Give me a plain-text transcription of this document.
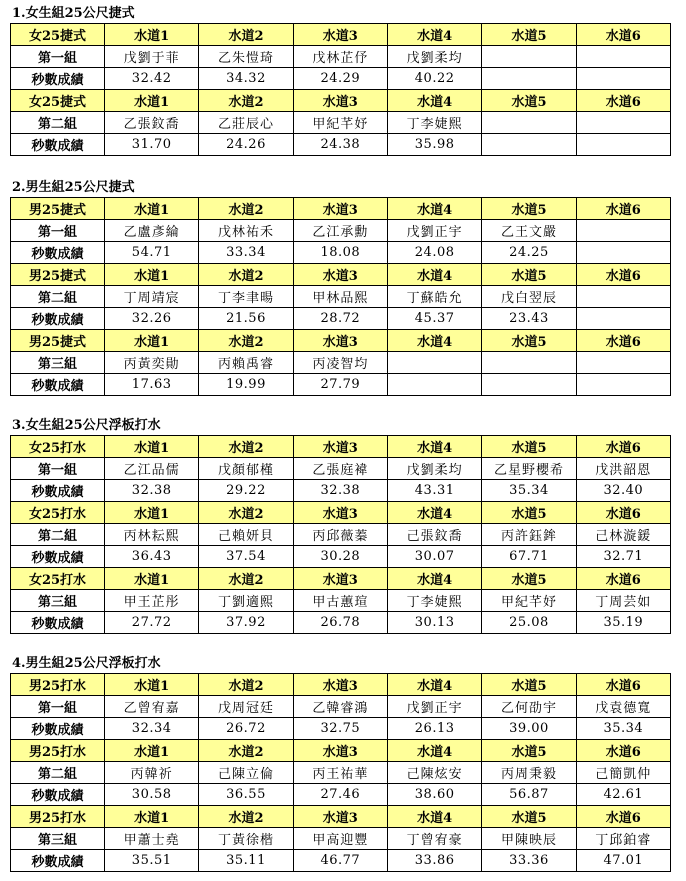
1.女生組25公尺捷式
女25捷式	水道1	水道2	水道3	水道4	水道5	水道6
第一組	戊劉于菲	乙朱愷琦	戊林芷伃	戊劉柔均		
秒數成績	32.42	34.32	24.29	40.22		
女25捷式	水道1	水道2	水道3	水道4	水道5	水道6
第二組	乙張鈫喬	乙莊辰心	甲紀芊妤	丁李婕熙		
秒數成績	31.70	24.26	24.38	35.98		
2.男生組25公尺捷式
男25捷式	水道1	水道2	水道3	水道4	水道5	水道6
第一組	乙盧彥綸	戊林祐禾	乙江承勳	戊劉正宇	乙王文嚴	
秒數成績	54.71	33.34	18.08	24.08	24.25	
男25捷式	水道1	水道2	水道3	水道4	水道5	水道6
第二組	丁周靖宸	丁李聿暘	甲林品熙	丁蘇皓允	戊白翌辰	
秒數成績	32.26	21.56	28.72	45.37	23.43	
男25捷式	水道1	水道2	水道3	水道4	水道5	水道6
第三組	丙黃奕勛	丙賴禹睿	丙凌智均			
秒數成績	17.63	19.99	27.79			
3.女生組25公尺浮板打水
女25打水	水道1	水道2	水道3	水道4	水道5	水道6
第一組	乙江品儒	戊顏郁槿	乙張庭褘	戊劉柔均	乙星野櫻希	戊洪韶恩
秒數成績	32.38	29.22	32.38	43.31	35.34	32.40
女25打水	水道1	水道2	水道3	水道4	水道5	水道6
第二組	丙林耘熙	己賴妍貝	丙邱薇蓁	己張鈫喬	丙許鈺鉾	己林漩鍰
秒數成績	36.43	37.54	30.28	30.07	67.71	32.71
女25打水	水道1	水道2	水道3	水道4	水道5	水道6
第三組	甲王芷彤	丁劉適熙	甲古蕙瑄	丁李婕熙	甲紀芊妤	丁周芸如
秒數成績	27.72	37.92	26.78	30.13	25.08	35.19
4.男生組25公尺浮板打水
男25打水	水道1	水道2	水道3	水道4	水道5	水道6
第一組	乙曾宥嘉	戊周冠廷	乙韓睿鴻	戊劉正宇	乙何劭宇	戊袁德寬
秒數成績	32.34	26.72	32.75	26.13	39.00	35.34
男25打水	水道1	水道2	水道3	水道4	水道5	水道6
第二組	丙韓祈	己陳立倫	丙王祐華	己陳炫安	丙周秉毅	己簡凱仲
秒數成績	30.58	36.55	27.46	38.60	56.87	42.61
男25打水	水道1	水道2	水道3	水道4	水道5	水道6
第三組	甲蕭士堯	丁黃徐楷	甲高迎豐	丁曾宥豪	甲陳映辰	丁邱鉑睿
秒數成績	35.51	35.11	46.77	33.86	33.36	47.01
